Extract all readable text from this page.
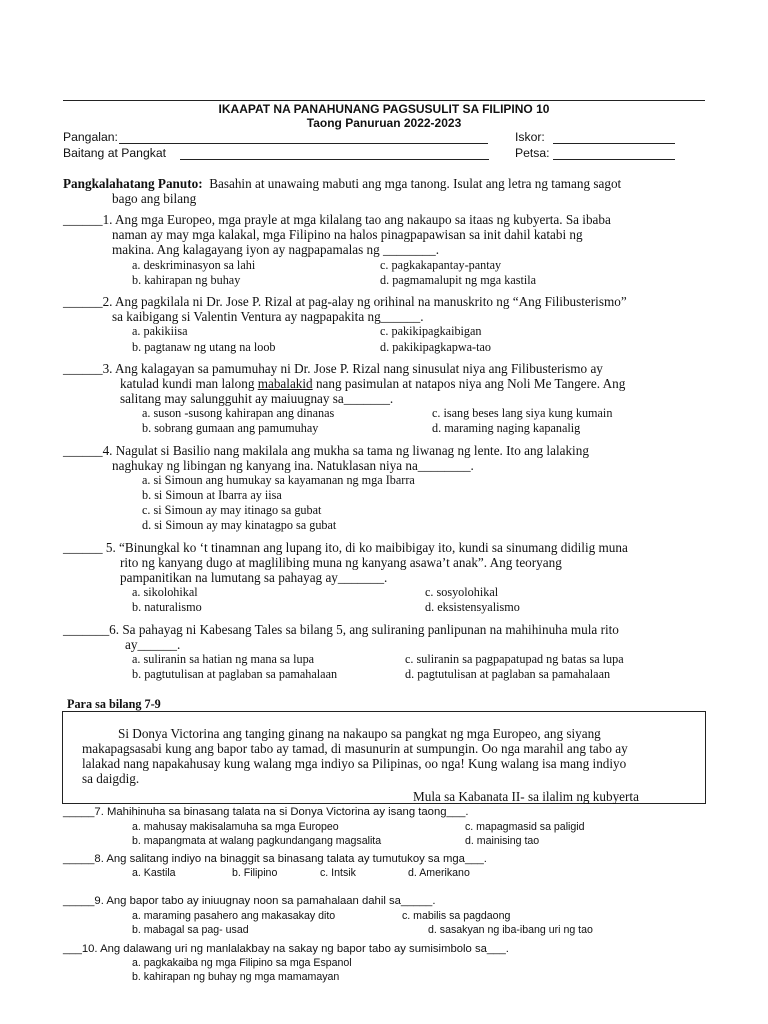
IKAAPAT NA PANAHUNANG PAGSUSULIT SA FILIPINO 10
Taong Panuruan 2022-2023
Pangalan:	Iskor:
Baitang at Pangkat	Petsa:
Pangkalahatang Panuto: Basahin at unawaing mabuti ang mga tanong. Isulat ang letra ng tamang sagot
bago ang bilang
______1. Ang mga Europeo, mga prayle at mga kilalang tao ang nakaupo sa itaas ng kubyerta. Sa ibaba
naman ay may mga kalakal, mga Filipino na halos pinagpapawisan sa init dahil katabi ng
makina. Ang kalagayang iyon ay nagpapamalas ng ________.
a. deskriminasyon sa lahi	c. pagkakapantay-pantay
b. kahirapan ng buhay	d. pagmamalupit ng mga kastila
______2. Ang pagkilala ni Dr. Jose P. Rizal at pag-alay ng orihinal na manuskrito ng “Ang Filibusterismo”
sa kaibigang si Valentin Ventura ay nagpapakita ng______.
a. pakikiisa	c. pakikipagkaibigan
b. pagtanaw ng utang na loob	d. pakikipagkapwa-tao
______3. Ang kalagayan sa pamumuhay ni Dr. Jose P. Rizal nang sinusulat niya ang Filibusterismo ay
katulad kundi man lalong mabalakid nang pasimulan at natapos niya ang Noli Me Tangere. Ang
salitang may salungguhit ay maiuugnay sa_______.
a. suson -susong kahirapan ang dinanas	c. isang beses lang siya kung kumain
b. sobrang gumaan ang pamumuhay	d. maraming naging kapanalig
______4. Nagulat si Basilio nang makilala ang mukha sa tama ng liwanag ng lente. Ito ang lalaking
naghukay ng libingan ng kanyang ina. Natuklasan niya na________.
a. si Simoun ang humukay sa kayamanan ng mga Ibarra
b. si Simoun at Ibarra ay iisa
c. si Simoun ay may itinago sa gubat
d. si Simoun ay may kinatagpo sa gubat
______ 5. “Binungkal ko ‘t tinamnan ang lupang ito, di ko maibibigay ito, kundi sa sinumang didilig muna
rito ng kanyang dugo at maglilibing muna ng kanyang asawa’t anak”. Ang teoryang
pampanitikan na lumutang sa pahayag ay_______.
a. sikolohikal	c. sosyolohikal
b. naturalismo	d. eksistensyalismo
_______6. Sa pahayag ni Kabesang Tales sa bilang 5, ang suliraning panlipunan na mahihinuha mula rito
ay______.
a. suliranin sa hatian ng mana sa lupa	c. suliranin sa pagpapatupad ng batas sa lupa
b. pagtutulisan at paglaban sa pamahalaan	d. pagtutulisan at paglaban sa pamahalaan
Para sa bilang 7-9
Si Donya Victorina ang tanging ginang na nakaupo sa pangkat ng mga Europeo, ang siyang
makapagsasabi kung ang bapor tabo ay tamad, di masunurin at sumpungin. Oo nga marahil ang tabo ay
lalakad nang napakahusay kung walang mga indiyo sa Pilipinas, oo nga! Kung walang isa mang indiyo
sa daigdig.
Mula sa Kabanata II- sa ilalim ng kubyerta
_____7. Mahihinuha sa binasang talata na si Donya Victorina ay isang taong___.
a. mahusay makisalamuha sa mga Europeo	c. mapagmasid sa paligid
b. mapangmata at walang pagkundangang magsalita	d. mainising tao
_____8. Ang salitang indiyo na binaggit sa binasang talata ay tumutukoy sa mga___.
a. Kastila	b. Filipino	c. Intsik	d. Amerikano
_____9. Ang bapor tabo ay iniuugnay noon sa pamahalaan dahil sa_____.
a. maraming pasahero ang makasakay dito	c. mabilis sa pagdaong
b. mabagal sa pag- usad	d. sasakyan ng iba-ibang uri ng tao
___10. Ang dalawang uri ng manlalakbay na sakay ng bapor tabo ay sumisimbolo sa___.
a. pagkakaiba ng mga Filipino sa mga Espanol
b. kahirapan ng buhay ng mga mamamayan
